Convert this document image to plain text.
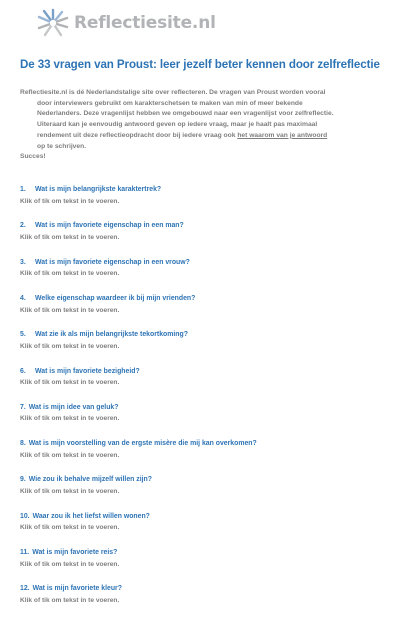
Reflectiesite.nl
De 33 vragen van Proust: leer jezelf beter kennen door zelfreflectie
Reflectiesite.nl is dé Nederlandstalige site over reflecteren. De vragen van Proust worden vooral
door interviewers gebruikt om karakterschetsen te maken van min of meer bekende
Nederlanders. Deze vragenlijst hebben we omgebouwd naar een vragenlijst voor zelfreflectie.
Uiteraard kan je eenvoudig antwoord geven op iedere vraag, maar je haalt pas maximaal
rendement uit deze reflectieopdracht door bij iedere vraag ook het waarom van je antwoord
op te schrijven.
Succes!
1. Wat is mijn belangrijkste karaktertrek?
Klik of tik om tekst in te voeren.
2. Wat is mijn favoriete eigenschap in een man?
Klik of tik om tekst in te voeren.
3. Wat is mijn favoriete eigenschap in een vrouw?
Klik of tik om tekst in te voeren.
4. Welke eigenschap waardeer ik bij mijn vrienden?
Klik of tik om tekst in te voeren.
5. Wat zie ik als mijn belangrijkste tekortkoming?
Klik of tik om tekst in te voeren.
6. Wat is mijn favoriete bezigheid?
Klik of tik om tekst in te voeren.
7. Wat is mijn idee van geluk?
Klik of tik om tekst in te voeren.
8. Wat is mijn voorstelling van de ergste misère die mij kan overkomen?
Klik of tik om tekst in te voeren.
9. Wie zou ik behalve mijzelf willen zijn?
Klik of tik om tekst in te voeren.
10. Waar zou ik het liefst willen wonen?
Klik of tik om tekst in te voeren.
11. Wat is mijn favoriete reis?
Klik of tik om tekst in te voeren.
12. Wat is mijn favoriete kleur?
Klik of tik om tekst in te voeren.
